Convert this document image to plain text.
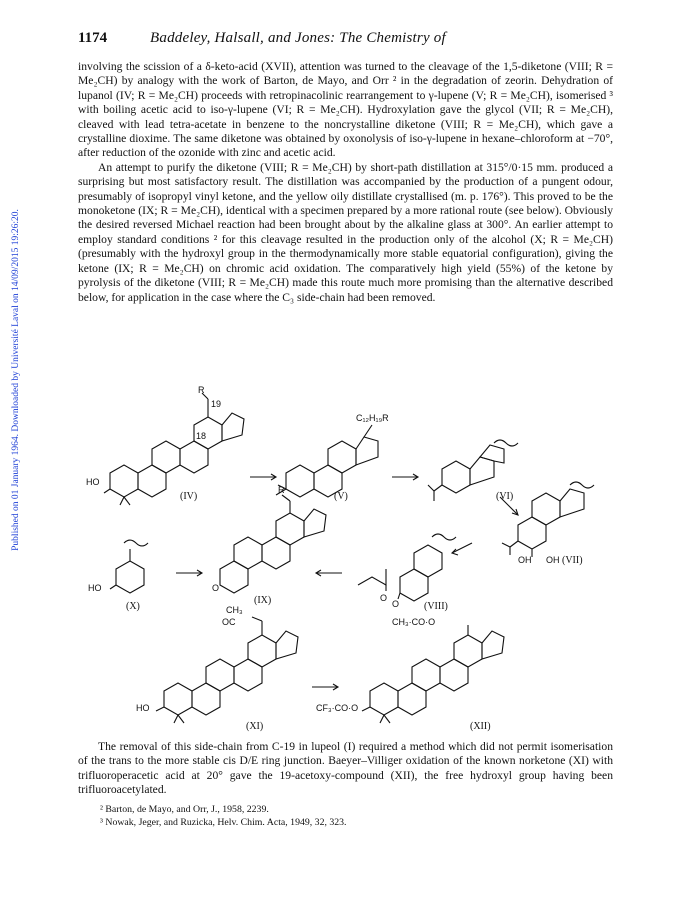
Published on 01 January 1964. Downloaded by Université Laval on 14/09/2015 19:26:20.
1174	Baddeley, Halsall, and Jones: The Chemistry of

involving the scission of a δ-keto-acid (XVII), attention was turned to the cleavage of the 1,5-diketone (VIII; R = Me₂CH) by analogy with the work of Barton, de Mayo, and Orr ² in the degradation of zeorin. Dehydration of lupanol (IV; R = Me₂CH) proceeds with retropinacolinic rearrangement to γ-lupene (V; R = Me₂CH), isomerised ³ with boiling acetic acid to iso-γ-lupene (VI; R = Me₂CH). Hydroxylation gave the glycol (VII; R = Me₂CH), cleaved with lead tetra-acetate in benzene to the noncrystalline diketone (VIII; R = Me₂CH), which gave a crystalline dioxime. The same diketone was obtained by oxonolysis of iso-γ-lupene in hexane–chloroform at −70°, after reduction of the ozonide with zinc and acetic acid.

An attempt to purify the diketone (VIII; R = Me₂CH) by short-path distillation at 315°/0·15 mm. produced a surprising but most satisfactory result. The distillation was accompanied by the production of a pungent odour, presumably of isopropyl vinyl ketone, and the yellow oily distillate crystallised (m. p. 176°). This proved to be the monoketone (IX; R = Me₂CH), identical with a specimen prepared by a more rational route (see below). Obviously the desired reversed Michael reaction had been brought about by the alkaline glass at 300°. An earlier attempt to employ standard conditions ² for this cleavage resulted in the production only of the alcohol (X; R = Me₂CH) (presumably with the hydroxyl group in the thermodynamically more stable equatorial configuration), giving the ketone (IX; R = Me₂CH) on chromic acid oxidation. The comparatively high yield (55%) of the ketone by pyrolysis of the diketone (VIII; R = Me₂CH) made this route much more promising than the alternative described below, for application in the case where the C₃ side-chain had been removed.

R
19
18
HO
C₁₂H₁₉R
OH OH
O
O
R
O
HO
CH₃
OC
HO
CH₃·CO·O
CF₃·CO·O
(IV)	(V)	(VI)
(VII)
(VIII)
(IX)
(X)
(XI)	(XII)

The removal of this side-chain from C-19 in lupeol (I) required a method which did not permit isomerisation of the trans to the more stable cis D/E ring junction. Baeyer–Villiger oxidation of the known norketone (XI) with trifluoroperacetic acid at 20° gave the 19-acetoxy-compound (XII), the free hydroxyl group having been trifluoroacetylated.

² Barton, de Mayo, and Orr, J., 1958, 2239.
³ Nowak, Jeger, and Ruzicka, Helv. Chim. Acta, 1949, 32, 323.
